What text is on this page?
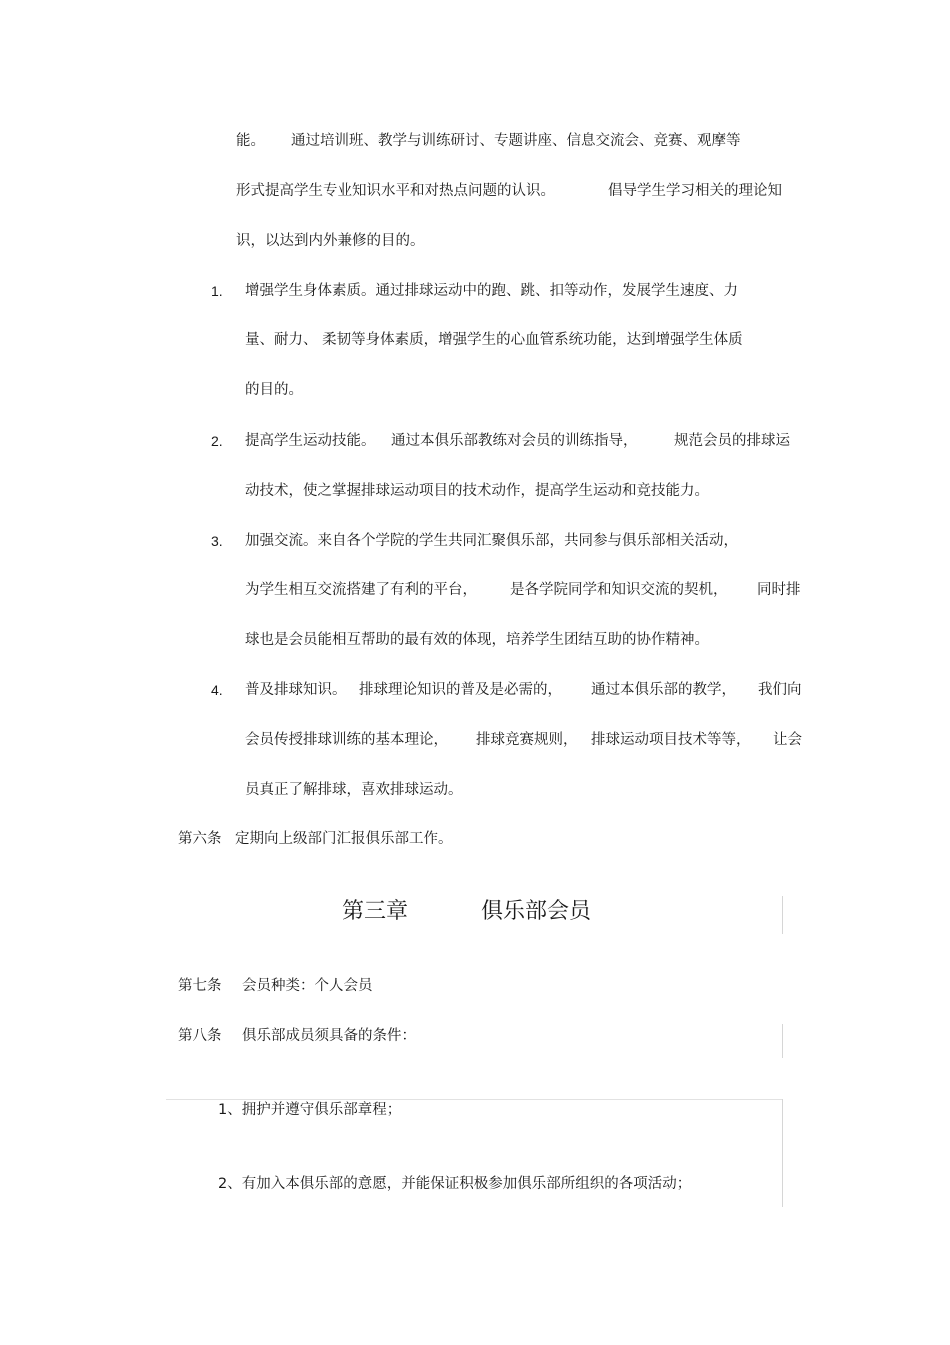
能。 通过培训班、教学与训练研讨、专题讲座、信息交流会、竞赛、观摩等
形式提高学生专业知识水平和对热点问题的认识。	倡导学生学习相关的理论知
识，以达到内外兼修的目的。
1. 增强学生身体素质。通过排球运动中的跑、跳、扣等动作，发展学生速度、力
量、耐力、 柔韧等身体素质，增强学生的心血管系统功能，达到增强学生体质
的目的。
2. 提高学生运动技能。 通过本俱乐部教练对会员的训练指导，	规范会员的排球运
动技术，使之掌握排球运动项目的技术动作，提高学生运动和竞技能力。
3. 加强交流。来自各个学院的学生共同汇聚俱乐部，共同参与俱乐部相关活动，
为学生相互交流搭建了有利的平台， 是各学院同学和知识交流的契机， 同时排
球也是会员能相互帮助的最有效的体现，培养学生团结互助的协作精神。
4. 普及排球知识。 排球理论知识的普及是必需的， 通过本俱乐部的教学， 我们向
会员传授排球训练的基本理论， 排球竞赛规则， 排球运动项目技术等等， 让会
员真正了解排球，喜欢排球运动。
第六条 定期向上级部门汇报俱乐部工作。
第三章	俱乐部会员
第七条 会员种类：个人会员
第八条 俱乐部成员须具备的条件：
1、拥护并遵守俱乐部章程；
2、有加入本俱乐部的意愿，并能保证积极参加俱乐部所组织的各项活动；
